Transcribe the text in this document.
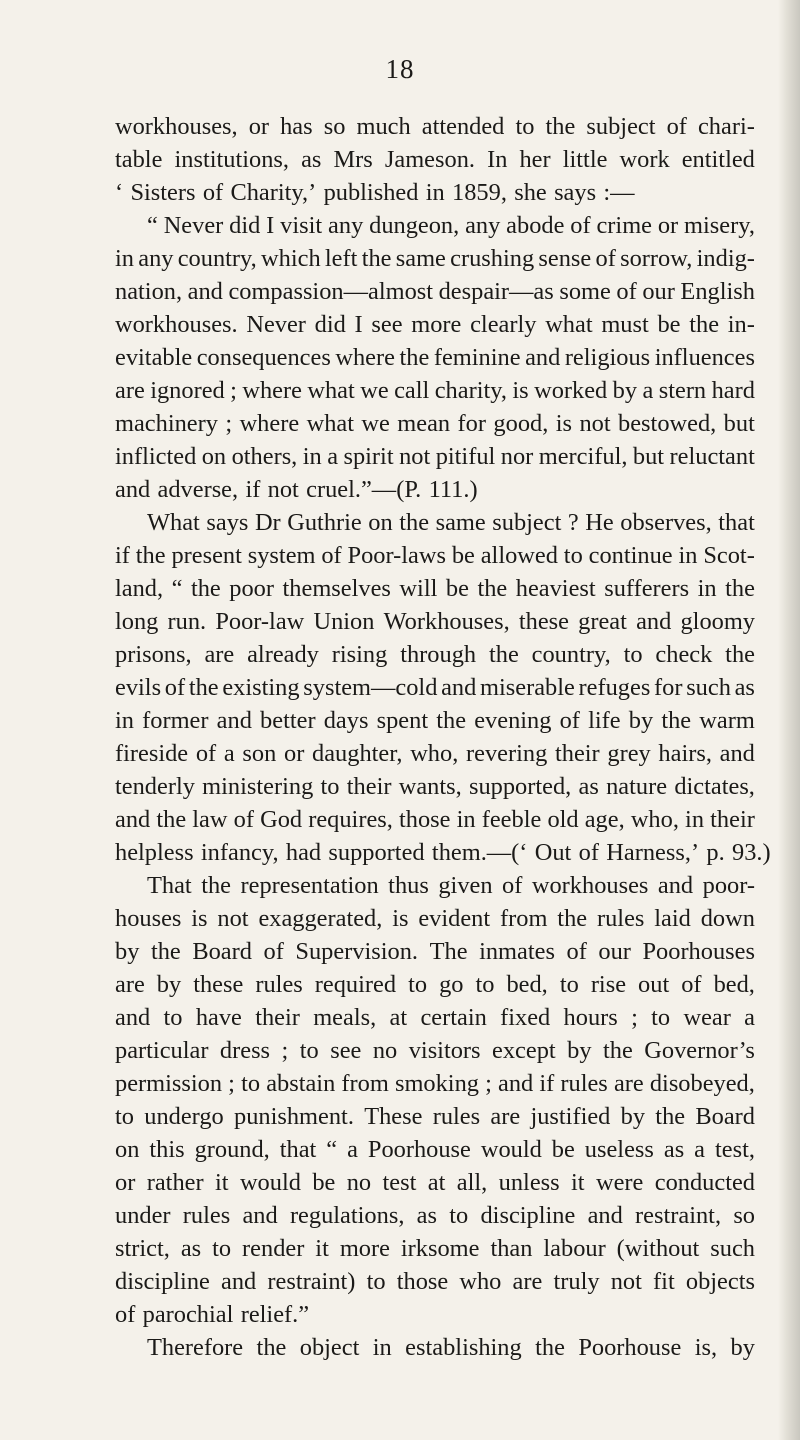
18
workhouses, or has so much attended to the subject of chari-
table institutions, as Mrs Jameson. In her little work entitled
‘ Sisters of Charity,’ published in 1859, she says :—
“ Never did I visit any dungeon, any abode of crime or misery,
in any country, which left the same crushing sense of sorrow, indig-
nation, and compassion—almost despair—as some of our English
workhouses. Never did I see more clearly what must be the in-
evitable consequences where the feminine and religious influences
are ignored ; where what we call charity, is worked by a stern hard
machinery ; where what we mean for good, is not bestowed, but
inflicted on others, in a spirit not pitiful nor merciful, but reluctant
and adverse, if not cruel.”—(P. 111.)
What says Dr Guthrie on the same subject ? He observes, that
if the present system of Poor-laws be allowed to continue in Scot-
land, “ the poor themselves will be the heaviest sufferers in the
long run. Poor-law Union Workhouses, these great and gloomy
prisons, are already rising through the country, to check the
evils of the existing system—cold and miserable refuges for such as
in former and better days spent the evening of life by the warm
fireside of a son or daughter, who, revering their grey hairs, and
tenderly ministering to their wants, supported, as nature dictates,
and the law of God requires, those in feeble old age, who, in their
helpless infancy, had supported them.—(‘ Out of Harness,’ p. 93.)
That the representation thus given of workhouses and poor-
houses is not exaggerated, is evident from the rules laid down
by the Board of Supervision. The inmates of our Poorhouses
are by these rules required to go to bed, to rise out of bed,
and to have their meals, at certain fixed hours ; to wear a
particular dress ; to see no visitors except by the Governor’s
permission ; to abstain from smoking ; and if rules are disobeyed,
to undergo punishment. These rules are justified by the Board
on this ground, that “ a Poorhouse would be useless as a test,
or rather it would be no test at all, unless it were conducted
under rules and regulations, as to discipline and restraint, so
strict, as to render it more irksome than labour (without such
discipline and restraint) to those who are truly not fit objects
of parochial relief.”
Therefore the object in establishing the Poorhouse is, by
